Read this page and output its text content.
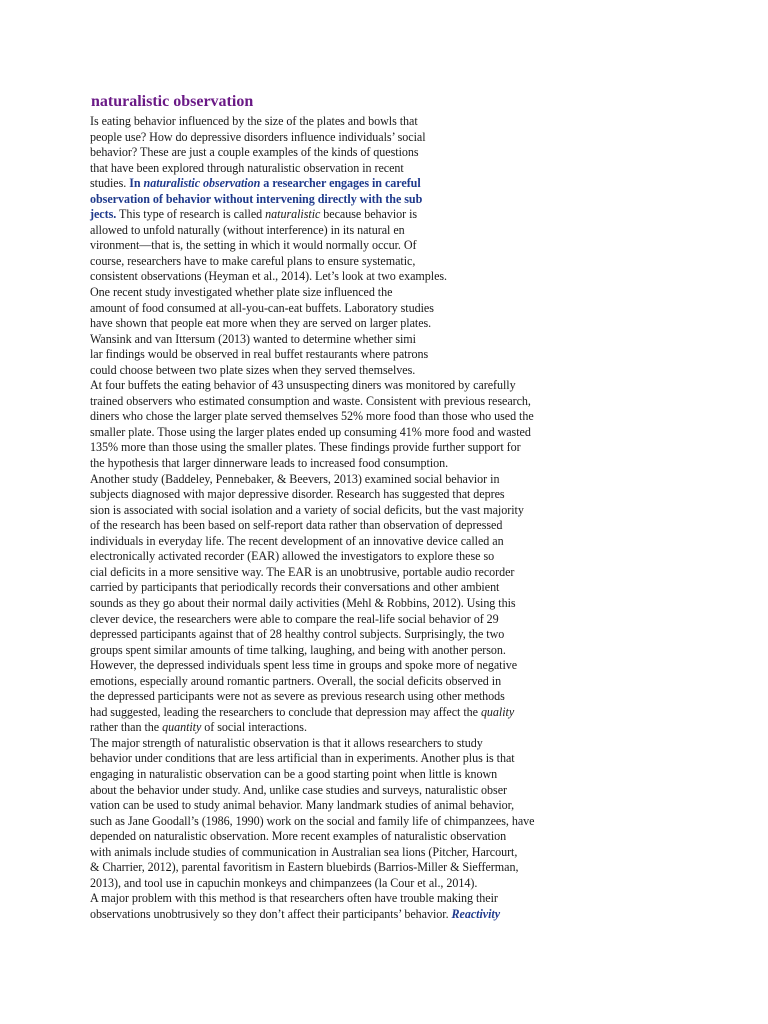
naturalistic observation
Is eating behavior influenced by the size of the plates and bowls that
people use? How do depressive disorders influence individuals’ social
behavior? These are just a couple examples of the kinds of questions
that have been explored through naturalistic observation in recent
studies. In naturalistic observation a researcher engages in careful
observation of behavior without intervening directly with the sub
jects. This type of research is called naturalistic because behavior is
allowed to unfold naturally (without interference) in its natural en
vironment—that is, the setting in which it would normally occur. Of
course, researchers have to make careful plans to ensure systematic,
consistent observations (Heyman et al., 2014). Let’s look at two examples.
One recent study investigated whether plate size influenced the
amount of food consumed at all-you-can-eat buffets. Laboratory studies
have shown that people eat more when they are served on larger plates.
Wansink and van Ittersum (2013) wanted to determine whether simi
lar findings would be observed in real buffet restaurants where patrons
could choose between two plate sizes when they served themselves.
At four buffets the eating behavior of 43 unsuspecting diners was monitored by carefully
trained observers who estimated consumption and waste. Consistent with previous research,
diners who chose the larger plate served themselves 52% more food than those who used the
smaller plate. Those using the larger plates ended up consuming 41% more food and wasted
135% more than those using the smaller plates. These findings provide further support for
the hypothesis that larger dinnerware leads to increased food consumption.
Another study (Baddeley, Pennebaker, & Beevers, 2013) examined social behavior in
subjects diagnosed with major depressive disorder. Research has suggested that depres
sion is associated with social isolation and a variety of social deficits, but the vast majority
of the research has been based on self-report data rather than observation of depressed
individuals in everyday life. The recent development of an innovative device called an
electronically activated recorder (EAR) allowed the investigators to explore these so
cial deficits in a more sensitive way. The EAR is an unobtrusive, portable audio recorder
carried by participants that periodically records their conversations and other ambient
sounds as they go about their normal daily activities (Mehl & Robbins, 2012). Using this
clever device, the researchers were able to compare the real-life social behavior of 29
depressed participants against that of 28 healthy control subjects. Surprisingly, the two
groups spent similar amounts of time talking, laughing, and being with another person.
However, the depressed individuals spent less time in groups and spoke more of negative
emotions, especially around romantic partners. Overall, the social deficits observed in
the depressed participants were not as severe as previous research using other methods
had suggested, leading the researchers to conclude that depression may affect the quality
rather than the quantity of social interactions.
The major strength of naturalistic observation is that it allows researchers to study
behavior under conditions that are less artificial than in experiments. Another plus is that
engaging in naturalistic observation can be a good starting point when little is known
about the behavior under study. And, unlike case studies and surveys, naturalistic obser
vation can be used to study animal behavior. Many landmark studies of animal behavior,
such as Jane Goodall’s (1986, 1990) work on the social and family life of chimpanzees, have
depended on naturalistic observation. More recent examples of naturalistic observation
with animals include studies of communication in Australian sea lions (Pitcher, Harcourt,
& Charrier, 2012), parental favoritism in Eastern bluebirds (Barrios-Miller & Siefferman,
2013), and tool use in capuchin monkeys and chimpanzees (la Cour et al., 2014).
A major problem with this method is that researchers often have trouble making their
observations unobtrusively so they don’t affect their participants’ behavior. Reactivity
